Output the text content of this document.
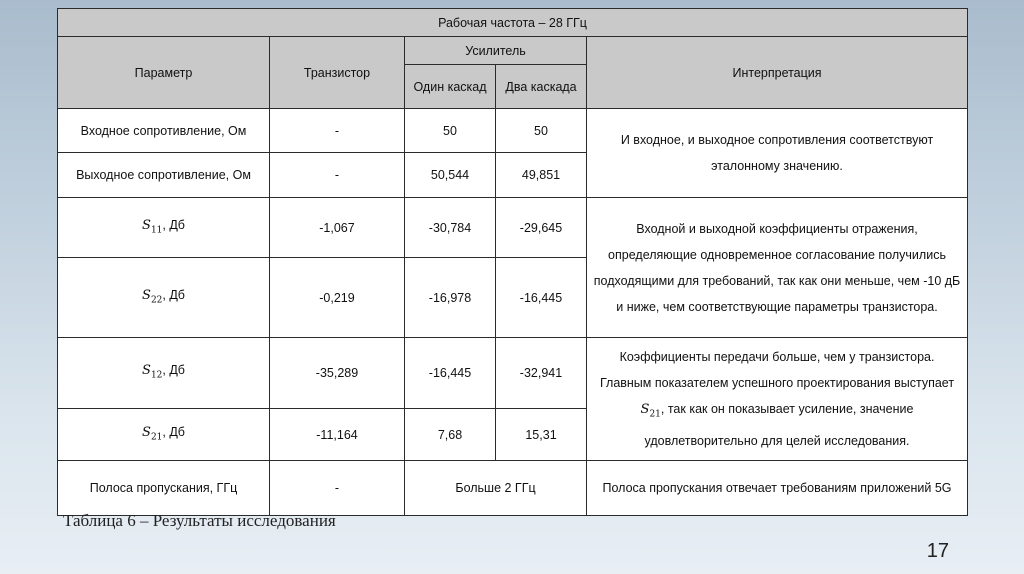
Рабочая частота – 28 ГГц				
Параметр	Транзистор	Усилитель		Интерпретация
		Один каскад	Два каскада	
Входное сопротивление, Ом	-	50	50	И входное, и выходное сопротивления соответствуют эталонному значению.
Выходное сопротивление, Ом	-	50,544	49,851	
$S_{11}$, Дб	-1,067	-30,784	-29,645	Входной и выходной коэффициенты отражения, определяющие одновременное согласование получились подходящими для требований, так как они меньше, чем -10 дБ и ниже, чем соответствующие параметры транзистора.
$S_{22}$, Дб	-0,219	-16,978	-16,445	
$S_{12}$, Дб	-35,289	-16,445	-32,941	Коэффициенты передачи больше, чем у транзистора. Главным показателем успешного проектирования выступает $S_{21}$, так как он показывает усиление, значение удовлетворительно для целей исследования.
$S_{21}$, Дб	-11,164	7,68	15,31	
Полоса пропускания, ГГц	-	Больше 2 ГГц		Полоса пропускания отвечает требованиям приложений 5G
Таблица 6 – Результаты исследования
17
